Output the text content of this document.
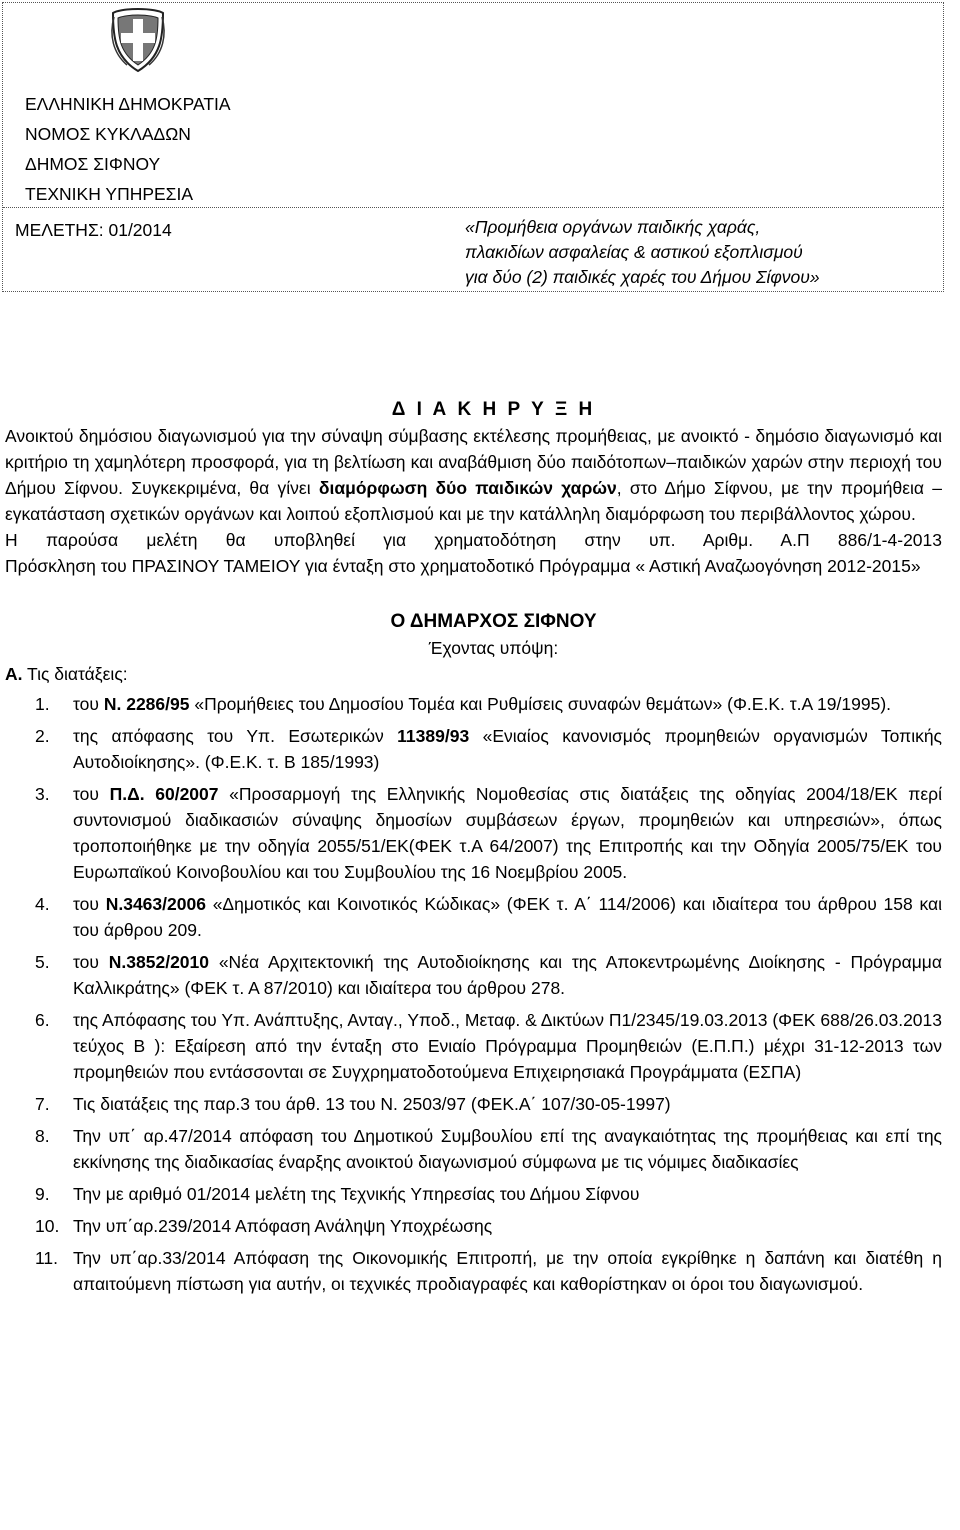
ΕΛΛΗΝΙΚΗ ΔΗΜΟΚΡΑΤΙΑ
ΝΟΜΟΣ ΚΥΚΛΑΔΩΝ
ΔΗΜΟΣ ΣΙΦΝΟΥ
ΤΕΧΝΙΚΗ ΥΠΗΡΕΣΙΑ
ΜΕΛΕΤΗΣ: 01/2014	«Προμήθεια οργάνων παιδικής χαράς,
πλακιδίων ασφαλείας & αστικού εξοπλισμού
για δύο (2) παιδικές χαρές του Δήμου Σίφνου»
Δ Ι Α Κ Η Ρ Υ Ξ Η
Ανοικτού δημόσιου διαγωνισμού για την σύναψη σύμβασης εκτέλεσης προμήθειας, με ανοικτό - δημόσιο διαγωνισμό και κριτήριο τη χαμηλότερη προσφορά, για τη βελτίωση και αναβάθμιση δύο παιδότοπων–παιδικών χαρών στην περιοχή του Δήμου Σίφνου. Συγκεκριμένα, θα γίνει διαμόρφωση δύο παιδικών χαρών, στο Δήμο Σίφνου, με την προμήθεια – εγκατάσταση σχετικών οργάνων και λοιπού εξοπλισμού και με την κατάλληλη διαμόρφωση του περιβάλλοντος χώρου.
Η παρούσα μελέτη θα υποβληθεί για χρηματοδότηση στην υπ. Αριθμ. Α.Π 886/1-4-2013
Πρόσκληση του ΠΡΑΣΙΝΟΥ ΤΑΜΕΙΟΥ για ένταξη στο χρηματοδοτικό Πρόγραμμα « Αστική Αναζωογόνηση 2012-2015»
Ο ΔΗΜΑΡΧΟΣ ΣΙΦΝΟΥ
Έχοντας υπόψη:
Α. Τις διατάξεις:
1. του Ν. 2286/95 «Προμήθειες του Δημοσίου Τομέα και Ρυθμίσεις συναφών θεμάτων» (Φ.Ε.Κ. τ.Α 19/1995).
2. της απόφασης του Υπ. Εσωτερικών 11389/93 «Ενιαίος κανονισμός προμηθειών οργανισμών Τοπικής Αυτοδιοίκησης». (Φ.Ε.Κ. τ. Β 185/1993)
3. του Π.Δ. 60/2007 «Προσαρμογή της Ελληνικής Νομοθεσίας στις διατάξεις της οδηγίας 2004/18/ΕΚ περί συντονισμού διαδικασιών σύναψης δημοσίων συμβάσεων έργων, προμηθειών και υπηρεσιών», όπως τροποποιήθηκε με την οδηγία 2055/51/ΕΚ(ΦΕΚ τ.Α 64/2007) της Επιτροπής και την Οδηγία 2005/75/ΕΚ του Ευρωπαϊκού Κοινοβουλίου και του Συμβουλίου της 16 Νοεμβρίου 2005.
4. του Ν.3463/2006 «Δημοτικός και Κοινοτικός Κώδικας» (ΦΕΚ τ. Α΄ 114/2006) και ιδιαίτερα του άρθρου 158 και του άρθρου 209.
5. του Ν.3852/2010 «Νέα Αρχιτεκτονική της Αυτοδιοίκησης και της Αποκεντρωμένης Διοίκησης - Πρόγραμμα Καλλικράτης» (ΦΕΚ τ. Α 87/2010) και ιδιαίτερα του άρθρου 278.
6. της Απόφασης του Υπ. Ανάπτυξης, Ανταγ., Υποδ., Μεταφ. & Δικτύων Π1/2345/19.03.2013 (ΦΕΚ 688/26.03.2013 τεύχος Β ): Εξαίρεση από την ένταξη στο Ενιαίο Πρόγραμμα Προμηθειών (Ε.Π.Π.) μέχρι 31-12-2013 των προμηθειών που εντάσσονται σε Συγχρηματοδοτούμενα Επιχειρησιακά Προγράμματα (ΕΣΠΑ)
7. Τις διατάξεις της παρ.3 του άρθ. 13 του Ν. 2503/97 (ΦΕΚ.Α΄ 107/30-05-1997)
8. Την υπ΄ αρ.47/2014 απόφαση του Δημοτικού Συμβουλίου επί της αναγκαιότητας της προμήθειας και επί της εκκίνησης της διαδικασίας έναρξης ανοικτού διαγωνισμού σύμφωνα με τις νόμιμες διαδικασίες
9. Την με αριθμό 01/2014 μελέτη της Τεχνικής Υπηρεσίας του Δήμου Σίφνου
10. Την υπ΄αρ.239/2014 Απόφαση Ανάληψη Υποχρέωσης
11. Την υπ΄αρ.33/2014 Απόφαση της Οικονομικής Επιτροπή, με την οποία εγκρίθηκε η δαπάνη και διατέθη η απαιτούμενη πίστωση για αυτήν, οι τεχνικές προδιαγραφές και καθορίστηκαν οι όροι του διαγωνισμού.
